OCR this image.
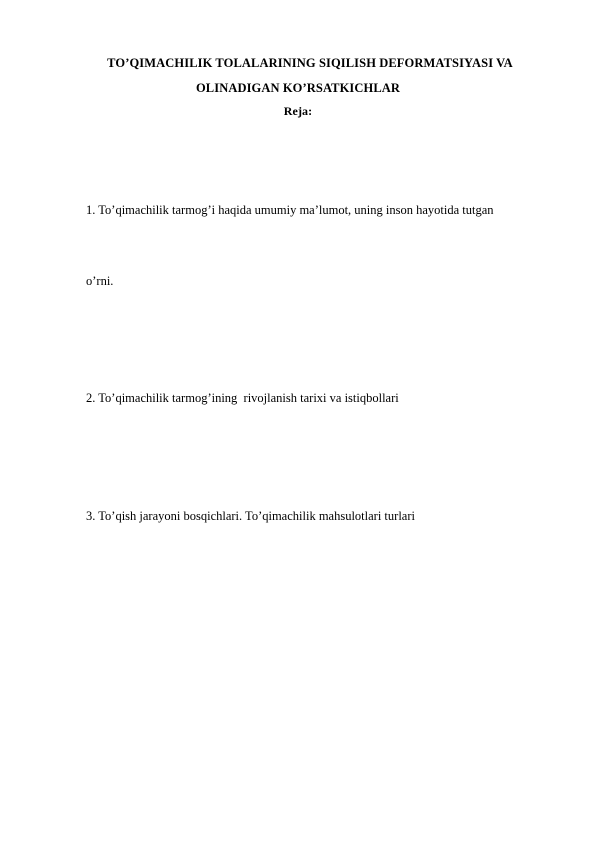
TO’QIMACHILIK TOLALARINING SIQILISH DEFORMATSIYASI VA
OLINADIGAN KO’RSATKICHLAR
Reja:

1. To’qimachilik tarmog’i haqida umumiy ma’lumot, uning inson hayotida tutgan

o’rni.

2. To’qimachilik tarmog’ining  rivojlanish tarixi va istiqbollari

3. To’qish jarayoni bosqichlari. To’qimachilik mahsulotlari turlari
